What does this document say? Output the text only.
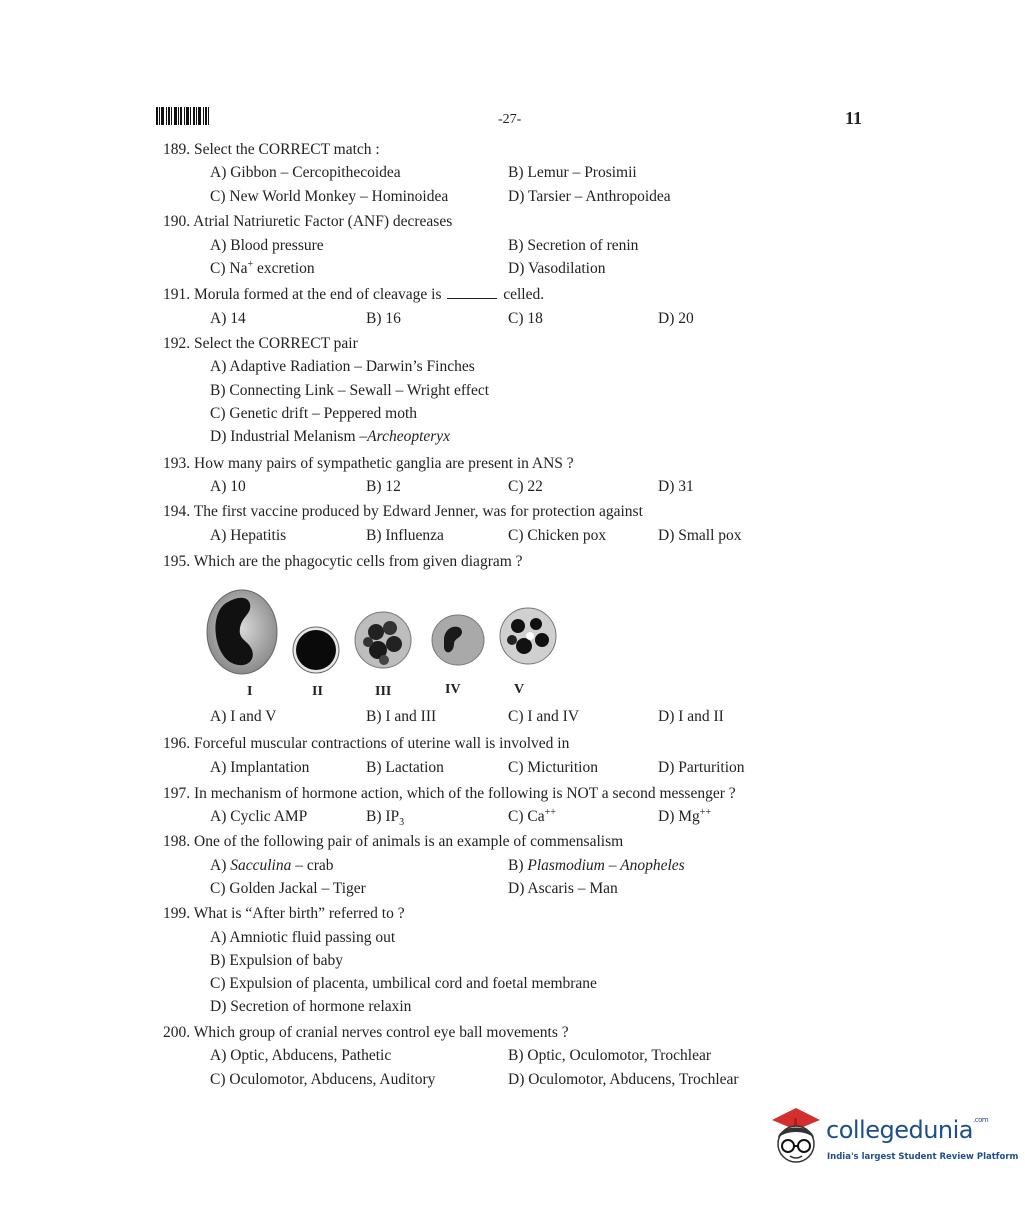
-27-	11
189. Select the CORRECT match :
A) Gibbon – Cercopithecoidea	B) Lemur – Prosimii
C) New World Monkey – Hominoidea	D) Tarsier – Anthropoidea
190. Atrial Natriuretic Factor (ANF) decreases
A) Blood pressure	B) Secretion of renin
C) Na+ excretion	D) Vasodilation
191. Morula formed at the end of cleavage is	celled.
A) 14	B) 16	C) 18	D) 20
192. Select the CORRECT pair
A) Adaptive Radiation – Darwin’s Finches
B) Connecting Link – Sewall – Wright effect
C) Genetic drift – Peppered moth
D) Industrial Melanism –Archeopteryx
193. How many pairs of sympathetic ganglia are present in ANS ?
A) 10	B) 12	C) 22	D) 31
194. The first vaccine produced by Edward Jenner, was for protection against
A) Hepatitis	B) Influenza	C) Chicken pox	D) Small pox
195. Which are the phagocytic cells from given diagram ?
I	II	III	IV	V
A) I and V	B) I and III	C) I and IV	D) I and II
196. Forceful muscular contractions of uterine wall is involved in
A) Implantation	B) Lactation	C) Micturition	D) Parturition
197. In mechanism of hormone action, which of the following is NOT a second messenger ?
A) Cyclic AMP	B) $IP_3$	C) Ca++	D) Mg++
198. One of the following pair of animals is an example of commensalism
A) Sacculina – crab	B) Plasmodium – Anopheles
C) Golden Jackal – Tiger	D) Ascaris – Man
199. What is “After birth” referred to ?
A) Amniotic fluid passing out
B) Expulsion of baby
C) Expulsion of placenta, umbilical cord and foetal membrane
D) Secretion of hormone relaxin
200. Which group of cranial nerves control eye ball movements ?
A) Optic, Abducens, Pathetic	B) Optic, Oculomotor, Trochlear
C) Oculomotor, Abducens, Auditory	D) Oculomotor, Abducens, Trochlear
collegedunia$^{.com}$
India's largest Student Review Platform
